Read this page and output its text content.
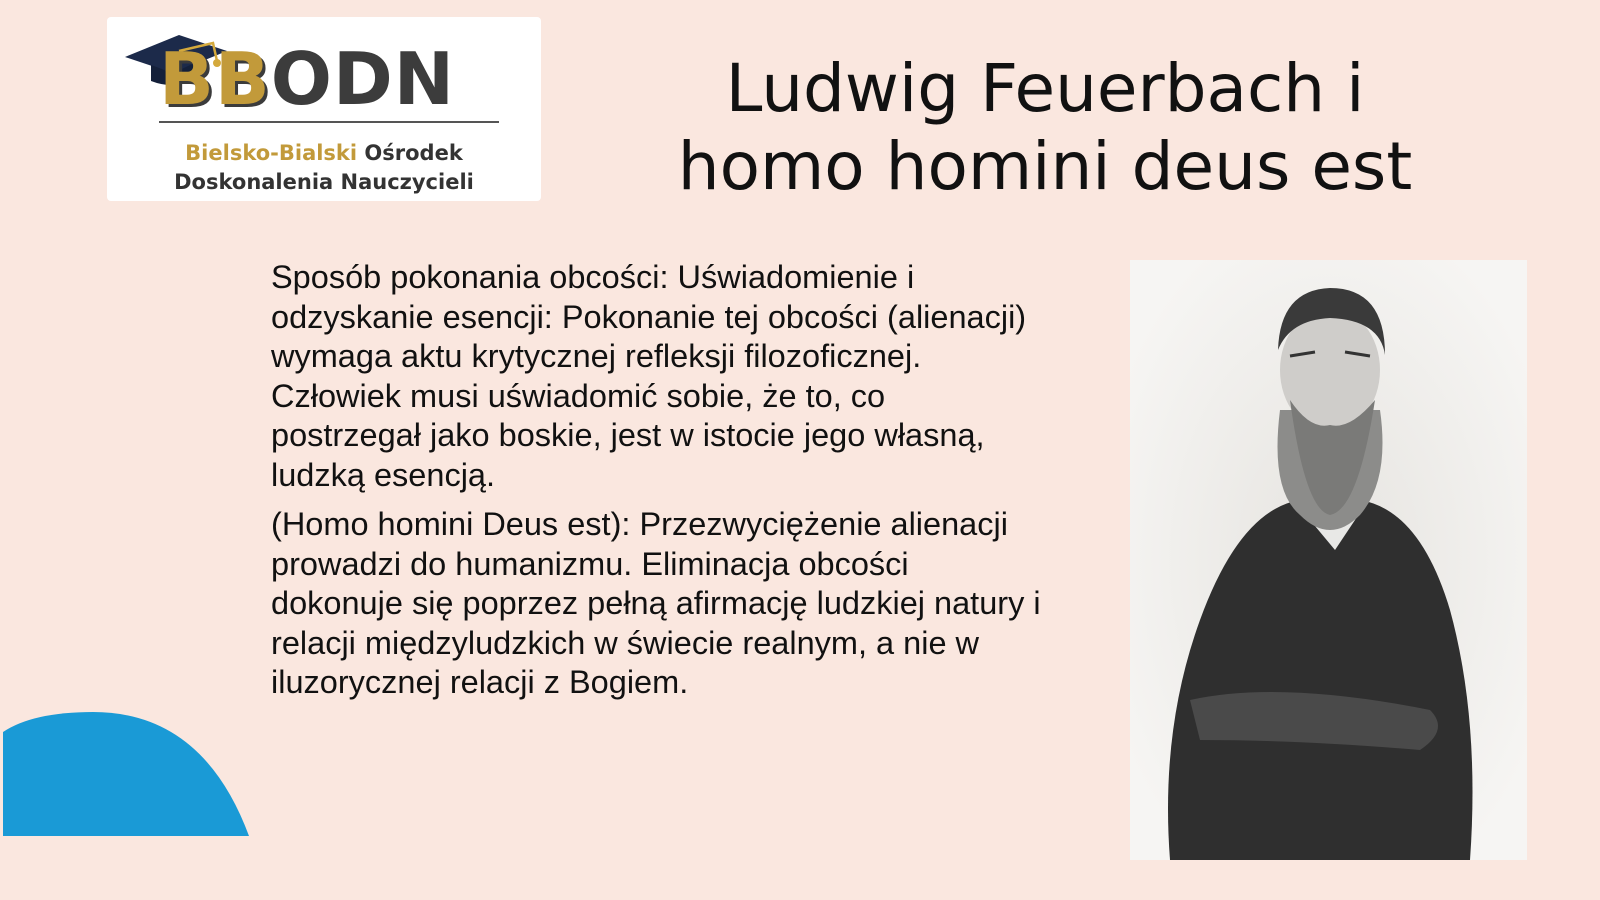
BBODN
Bielsko-Bialski Ośrodek
Doskonalenia Nauczycieli
Ludwig Feuerbach i
homo homini deus est

Sposób pokonania obcości: Uświadomienie i odzyskanie esencji: Pokonanie tej obcości (alienacji) wymaga aktu krytycznej refleksji filozoficznej. Człowiek musi uświadomić sobie, że to, co postrzegał jako boskie, jest w istocie jego własną, ludzką esencją.

(Homo homini Deus est): Przezwyciężenie alienacji prowadzi do humanizmu. Eliminacja obcości dokonuje się poprzez pełną afirmację ludzkiej natury i relacji międzyludzkich w świecie realnym, a nie w iluzorycznej relacji z Bogiem.
